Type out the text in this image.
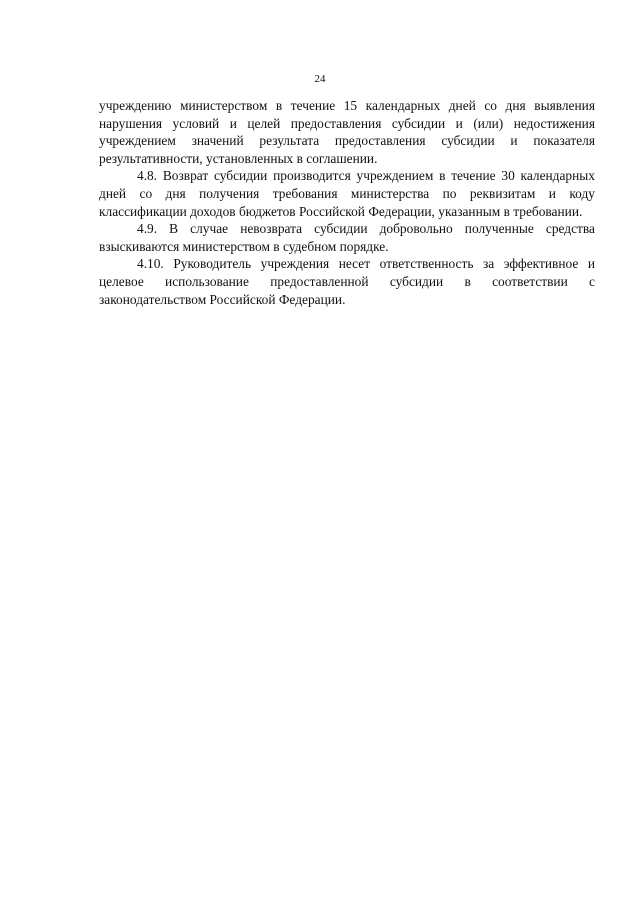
24

учреждению министерством в течение 15 календарных дней со дня выявления нарушения условий и целей предоставления субсидии и (или) недостижения учреждением значений результата предоставления субсидии и показателя результативности, установленных в соглашении.

4.8. Возврат субсидии производится учреждением в течение 30 календарных дней со дня получения требования министерства по реквизитам и коду классификации доходов бюджетов Российской Федерации, указанным в требовании.

4.9. В случае невозврата субсидии добровольно полученные средства взыскиваются министерством в судебном порядке.

4.10. Руководитель учреждения несет ответственность за эффективное и целевое использование предоставленной субсидии в соответствии с законодательством Российской Федерации.
